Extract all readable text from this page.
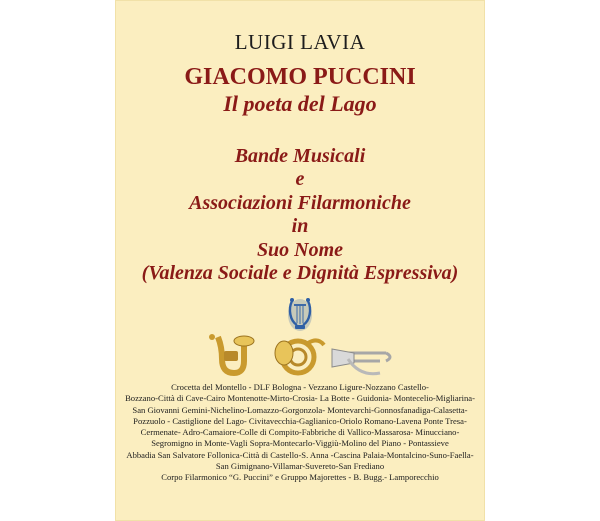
LUIGI LAVIA
GIACOMO PUCCINI
Il poeta del Lago
Bande Musicali
e
Associazioni Filarmoniche
in
Suo Nome
(Valenza Sociale e Dignità Espressiva)
Crocetta del Montello - DLF Bologna - Vezzano Ligure-Nozzano Castello-
Bozzano-Città di Cave-Cairo Montenotte-Mirto-Crosia- La Botte - Guidonia- Montecelio-Migliarina-
San Giovanni Gemini-Nichelino-Lomazzo-Gorgonzola- Montevarchi-Gonnosfanadiga-Calasetta-
Pozzuolo - Castiglione del Lago- Civitavecchia-Gaglianico-Oriolo Romano-Lavena Ponte Tresa-
Cermenate- Adro-Camaiore-Colle di Compito-Fabbriche di Vallico-Massarosa- Minucciano-
Segromigno in Monte-Vagli Sopra-Montecarlo-Viggiù-Molino del Piano - Pontassieve
Abbadia San Salvatore Follonica-Città di Castello-S. Anna -Cascina Palaia-Montalcino-Suno-Faella-
San Gimignano-Villamar-Suvereto-San Frediano
Corpo Filarmonico “G. Puccini” e Gruppo Majorettes - B. Bugg.- Lamporecchio
